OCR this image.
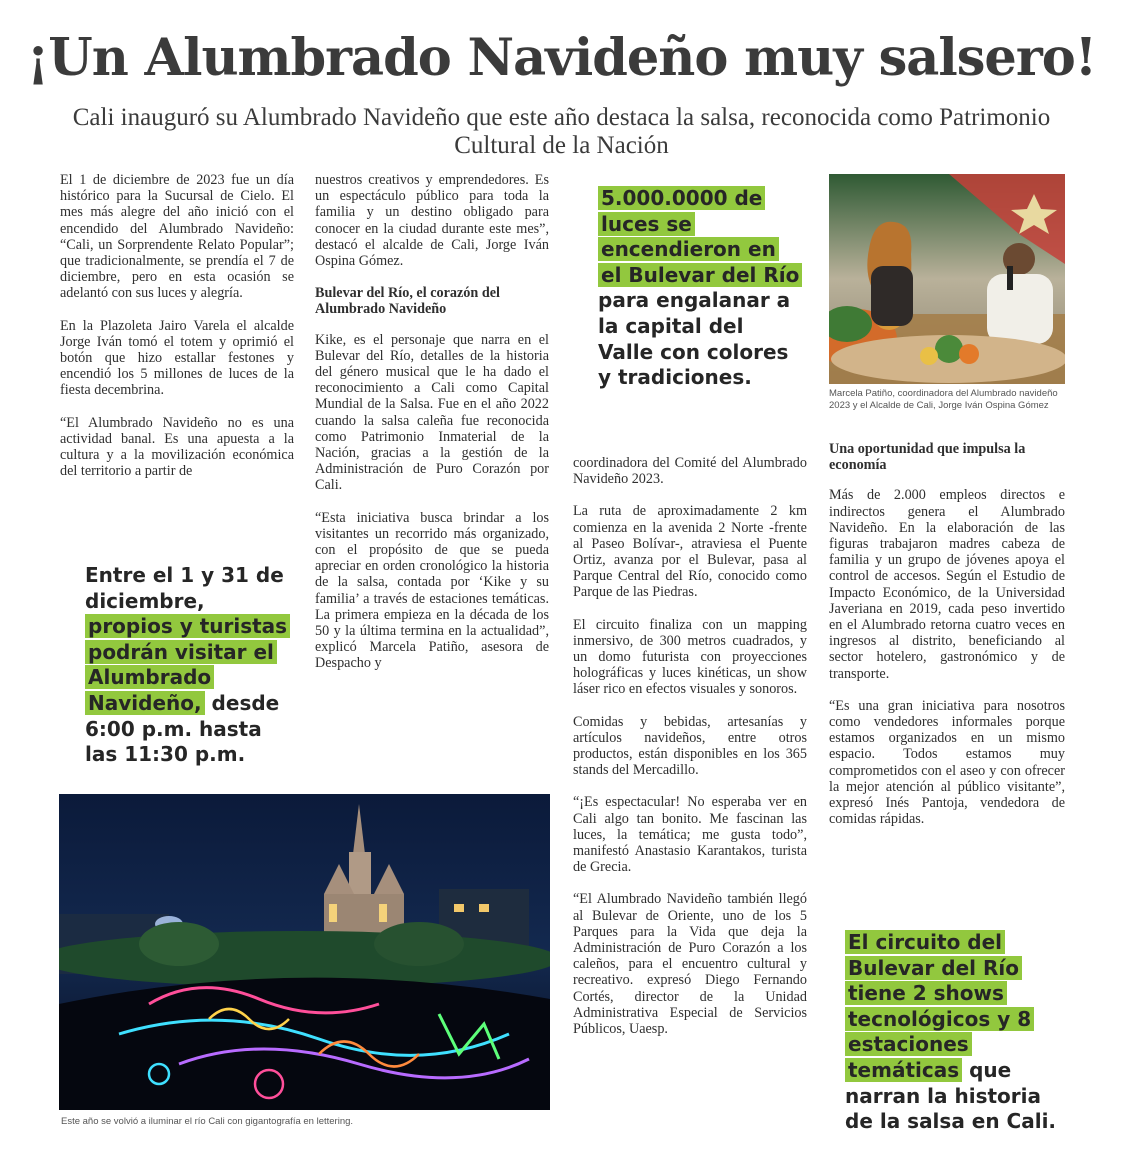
¡Un Alumbrado Navideño muy salsero!
Cali inauguró su Alumbrado Navideño que este año destaca la salsa, reconocida como Patrimonio Cultural de la Nación

El 1 de diciembre de 2023 fue un día histórico para la Sucursal de Cielo. El mes más alegre del año inició con el encendido del Alumbrado Navideño: “Cali, un Sorprendente Relato Popular”; que tradicionalmente, se prendía el 7 de diciembre, pero en esta ocasión se adelantó con sus luces y alegría.

En la Plazoleta Jairo Varela el alcalde Jorge Iván tomó el totem y oprimió el botón que hizo estallar festones y encendió los 5 millones de luces de la fiesta decembrina.

“El Alumbrado Navideño no es una actividad banal. Es una apuesta a la cultura y a la movilización económica del territorio a partir de

Entre el 1 y 31 de diciembre, propios y turistas podrán visitar el Alumbrado Navideño, desde 6:00 p.m. hasta las 11:30 p.m.

nuestros creativos y emprendedores. Es un espectáculo público para toda la familia y un destino obligado para conocer en la ciudad durante este mes”, destacó el alcalde de Cali, Jorge Iván Ospina Gómez.

Bulevar del Río, el corazón del Alumbrado Navideño

Kike, es el personaje que narra en el Bulevar del Río, detalles de la historia del género musical que le ha dado el reconocimiento a Cali como Capital Mundial de la Salsa. Fue en el año 2022 cuando la salsa caleña fue reconocida como Patrimonio Inmaterial de la Nación, gracias a la gestión de la Administración de Puro Corazón por Cali.

“Esta iniciativa busca brindar a los visitantes un recorrido más organizado, con el propósito de que se pueda apreciar en orden cronológico la historia de la salsa, contada por ‘Kike y su familia’ a través de estaciones temáticas. La primera empieza en la década de los 50 y la última termina en la actualidad”, explicó Marcela Patiño, asesora de Despacho y

5.000.0000 de luces se encendieron en el Bulevar del Río para engalanar a la capital del Valle con colores y tradiciones.

coordinadora del Comité del Alumbrado Navideño 2023.

La ruta de aproximadamente 2 km comienza en la avenida 2 Norte -frente al Paseo Bolívar-, atraviesa el Puente Ortiz, avanza por el Bulevar, pasa al Parque Central del Río, conocido como Parque de las Piedras.

El circuito finaliza con un mapping inmersivo, de 300 metros cuadrados, y un domo futurista con proyecciones holográficas y luces kinéticas, un show láser rico en efectos visuales y sonoros.

Comidas y bebidas, artesanías y artículos navideños, entre otros productos, están disponibles en los 365 stands del Mercadillo.

“¡Es espectacular! No esperaba ver en Cali algo tan bonito. Me fascinan las luces, la temática; me gusta todo”, manifestó Anastasio Karantakos, turista de Grecia.

“El Alumbrado Navideño también llegó al Bulevar de Oriente, uno de los 5 Parques para la Vida que deja la Administración de Puro Corazón a los caleños, para el encuentro cultural y recreativo. expresó Diego Fernando Cortés, director de la Unidad Administrativa Especial de Servicios Públicos, Uaesp.

Marcela Patiño, coordinadora del Alumbrado navideño 2023 y el Alcalde de Cali, Jorge Iván Ospina Gómez
Una oportunidad que impulsa la economía

Más de 2.000 empleos directos e indirectos genera el Alumbrado Navideño. En la elaboración de las figuras trabajaron madres cabeza de familia y un grupo de jóvenes apoya el control de accesos. Según el Estudio de Impacto Económico, de la Universidad Javeriana en 2019, cada peso invertido en el Alumbrado retorna cuatro veces en ingresos al distrito, beneficiando al sector hotelero, gastronómico y de transporte.

“Es una gran iniciativa para nosotros como vendedores informales porque estamos organizados en un mismo espacio. Todos estamos muy comprometidos con el aseo y con ofrecer la mejor atención al público visitante”, expresó Inés Pantoja, vendedora de comidas rápidas.

El circuito del Bulevar del Río tiene 2 shows tecnológicos y 8 estaciones temáticas que narran la historia de la salsa en Cali.
Este año se volvió a iluminar el río Cali con gigantografía en lettering.
